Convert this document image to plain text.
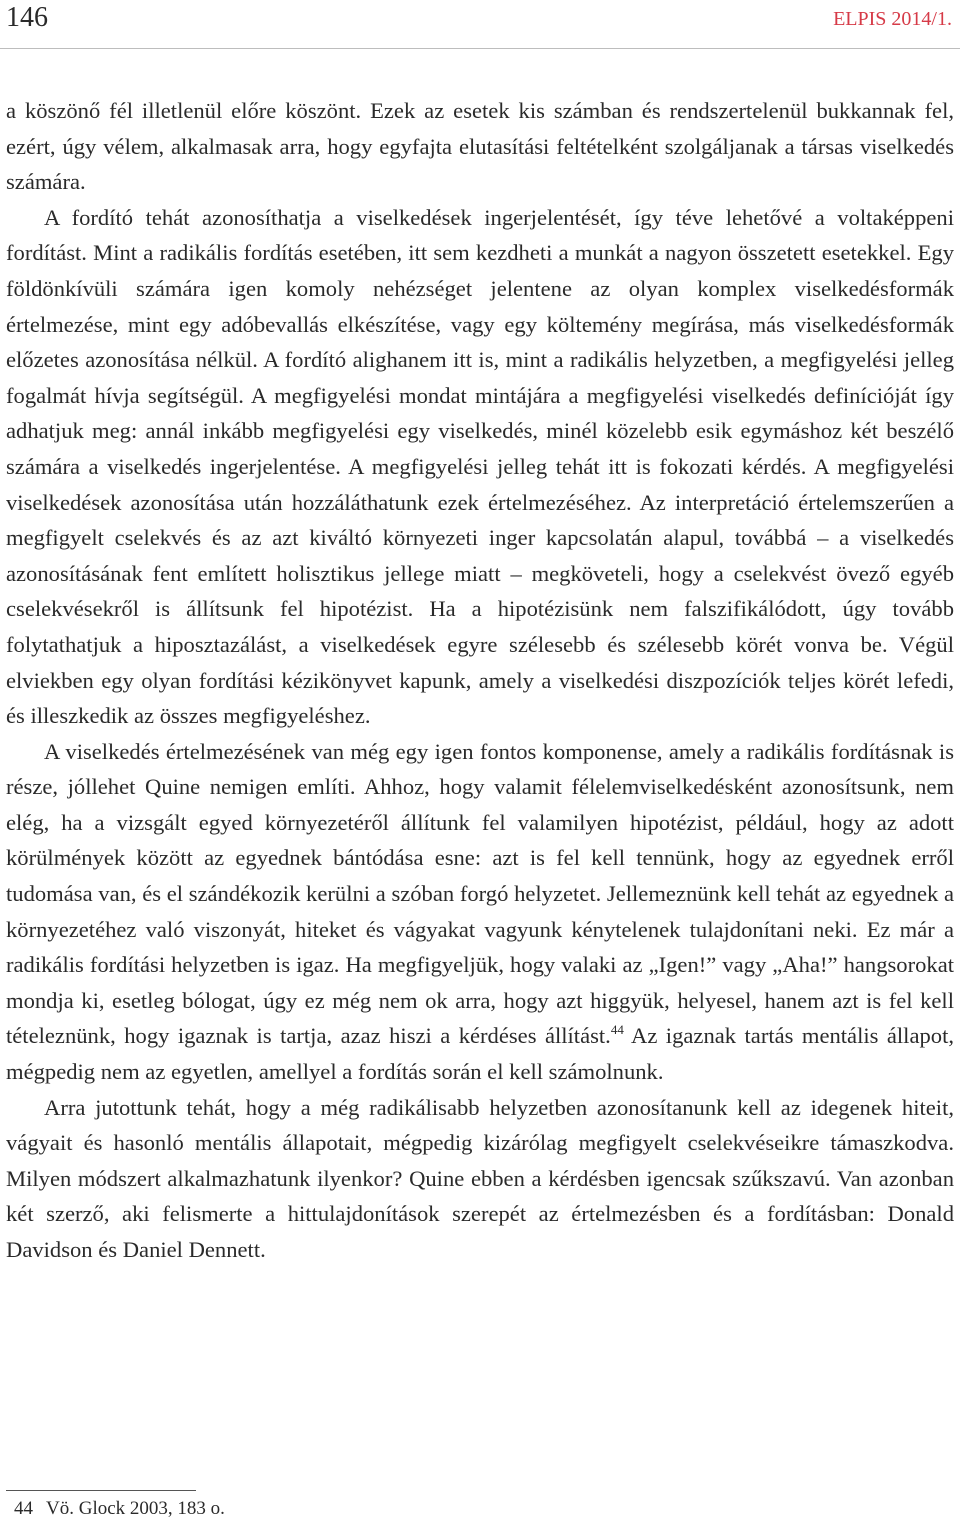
146	ELPIS 2014/1.

a köszönő fél illetlenül előre köszönt. Ezek az esetek kis számban és rendszertelenül bukkannak fel, ezért, úgy vélem, alkalmasak arra, hogy egyfajta elutasítási feltételként szolgáljanak a társas viselkedés számára.

A fordító tehát azonosíthatja a viselkedések ingerjelentését, így téve lehetővé a voltaképpeni fordítást. Mint a radikális fordítás esetében, itt sem kezdheti a munkát a nagyon összetett esetekkel. Egy földönkívüli számára igen komoly nehézséget jelentene az olyan komplex viselkedésformák értelmezése, mint egy adóbevallás elkészítése, vagy egy költemény megírása, más viselkedésformák előzetes azonosítása nélkül. A fordító alighanem itt is, mint a radikális helyzetben, a megfigyelési jelleg fogalmát hívja segítségül. A megfigyelési mondat mintájára a megfigyelési viselkedés definícióját így adhatjuk meg: annál inkább megfigyelési egy viselkedés, minél közelebb esik egymáshoz két beszélő számára a viselkedés ingerjelentése. A megfigyelési jelleg tehát itt is fokozati kérdés. A megfigyelési viselkedések azonosítása után hozzáláthatunk ezek értelmezéséhez. Az interpretáció értelemszerűen a megfigyelt cselekvés és az azt kiváltó környezeti inger kapcsolatán alapul, továbbá – a viselkedés azonosításának fent említett holisztikus jellege miatt – megköveteli, hogy a cselekvést övező egyéb cselekvésekről is állítsunk fel hipotézist. Ha a hipotézisünk nem falszifikálódott, úgy tovább folytathatjuk a hiposztazálást, a viselkedések egyre szélesebb és szélesebb körét vonva be. Végül elviekben egy olyan fordítási kézikönyvet kapunk, amely a viselkedési diszpozíciók teljes körét lefedi, és illeszkedik az összes megfigyeléshez.

A viselkedés értelmezésének van még egy igen fontos komponense, amely a radikális fordításnak is része, jóllehet Quine nemigen említi. Ahhoz, hogy valamit félelemviselkedésként azonosítsunk, nem elég, ha a vizsgált egyed környezetéről állítunk fel valamilyen hipotézist, például, hogy az adott körülmények között az egyednek bántódása esne: azt is fel kell tennünk, hogy az egyednek erről tudomása van, és el szándékozik kerülni a szóban forgó helyzetet. Jellemeznünk kell tehát az egyednek a környezetéhez való viszonyát, hiteket és vágyakat vagyunk kénytelenek tulajdonítani neki. Ez már a radikális fordítási helyzetben is igaz. Ha megfigyeljük, hogy valaki az „Igen!” vagy „Aha!” hangsorokat mondja ki, esetleg bólogat, úgy ez még nem ok arra, hogy azt higgyük, helyesel, hanem azt is fel kell tételeznünk, hogy igaznak is tartja, azaz hiszi a kérdéses állítást.$^{44}$ Az igaznak tartás mentális állapot, mégpedig nem az egyetlen, amellyel a fordítás során el kell számolnunk.

Arra jutottunk tehát, hogy a még radikálisabb helyzetben azonosítanunk kell az idegenek hiteit, vágyait és hasonló mentális állapotait, mégpedig kizárólag megfigyelt cselekvéseikre támaszkodva. Milyen módszert alkalmazhatunk ilyenkor? Quine ebben a kérdésben igencsak szűkszavú. Van azonban két szerző, aki felismerte a hittulajdonítások szerepét az értelmezésben és a fordításban: Donald Davidson és Daniel Dennett.

44 Vö. Glock 2003, 183 o.
